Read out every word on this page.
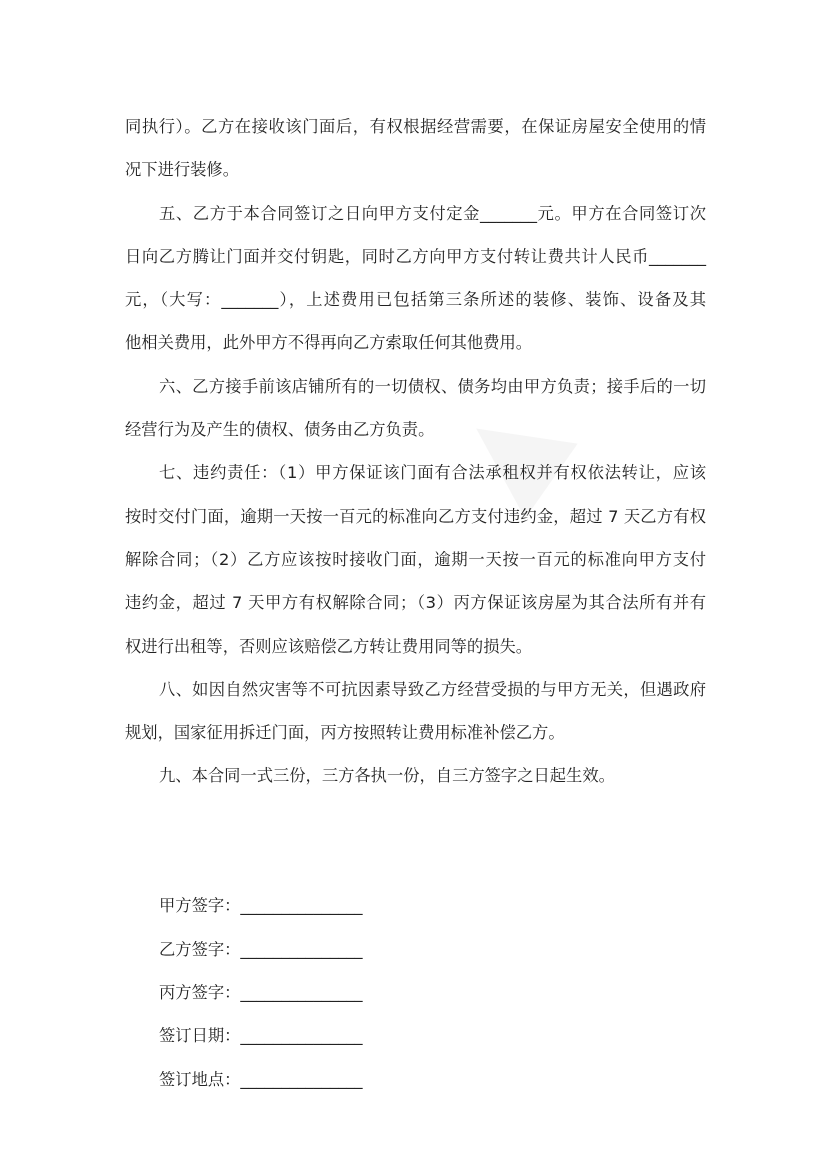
同执行）。乙方在接收该门面后，有权根据经营需要，在保证房屋安全使用的情
况下进行装修。
五、乙方于本合同签订之日向甲方支付定金_______元。甲方在合同签订次
日向乙方腾让门面并交付钥匙，同时乙方向甲方支付转让费共计人民币_______
元，（大写：_______），上述费用已包括第三条所述的装修、装饰、设备及其
他相关费用，此外甲方不得再向乙方索取任何其他费用。
六、乙方接手前该店铺所有的一切债权、债务均由甲方负责；接手后的一切
经营行为及产生的债权、债务由乙方负责。
七、违约责任：（1）甲方保证该门面有合法承租权并有权依法转让，应该
按时交付门面，逾期一天按一百元的标准向乙方支付违约金，超过 7 天乙方有权
解除合同；（2）乙方应该按时接收门面，逾期一天按一百元的标准向甲方支付
违约金，超过 7 天甲方有权解除合同；（3）丙方保证该房屋为其合法所有并有
权进行出租等，否则应该赔偿乙方转让费用同等的损失。
八、如因自然灾害等不可抗因素导致乙方经营受损的与甲方无关，但遇政府
规划，国家征用拆迁门面，丙方按照转让费用标准补偿乙方。
九、本合同一式三份，三方各执一份，自三方签字之日起生效。
甲方签字：_______________
乙方签字：_______________
丙方签字：_______________
签订日期：_______________
签订地点：_______________
